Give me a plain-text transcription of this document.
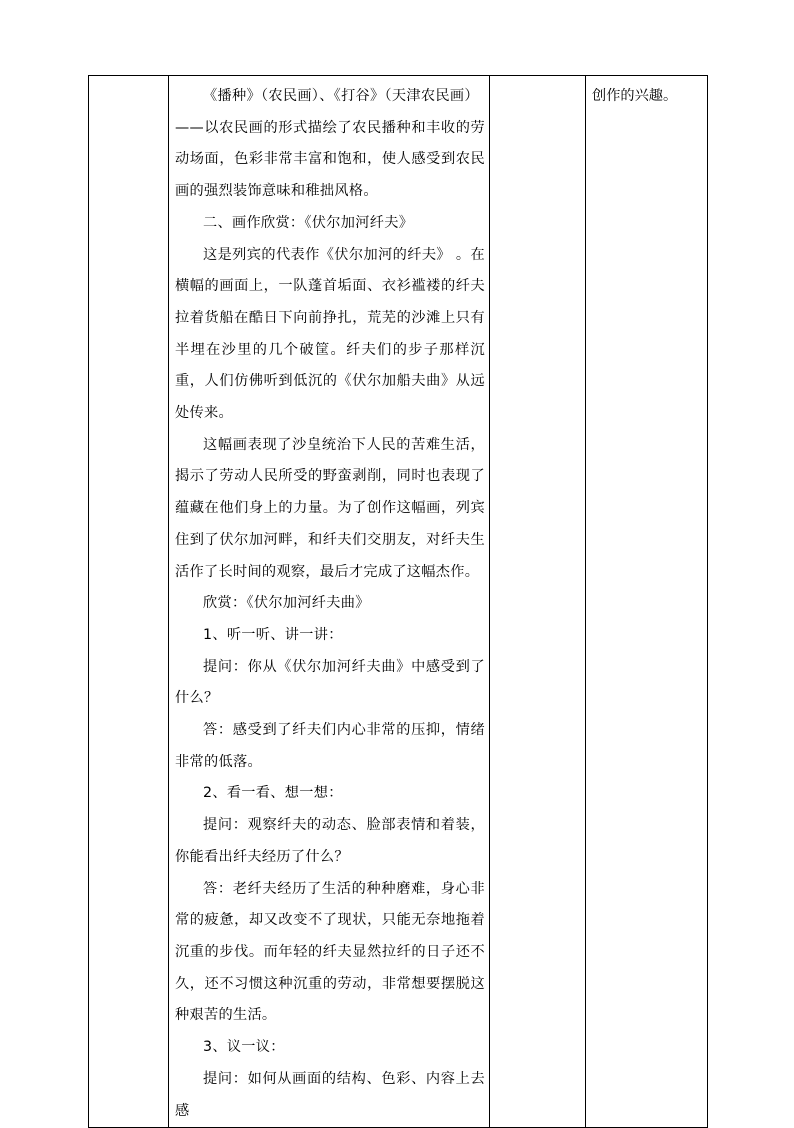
《播种》（农民画）、《打谷》（天津农民画）

——以农民画的形式描绘了农民播种和丰收的劳动场面，色彩非常丰富和饱和，使人感受到农民画的强烈装饰意味和稚拙风格。

二、画作欣赏：《伏尔加河纤夫》

这是列宾的代表作《伏尔加河的纤夫》 。在横幅的画面上，一队蓬首垢面、衣衫褴褛的纤夫拉着货船在酷日下向前挣扎，荒芜的沙滩上只有半埋在沙里的几个破筐。纤夫们的步子那样沉重，人们仿佛听到低沉的《伏尔加船夫曲》从远处传来。

这幅画表现了沙皇统治下人民的苦难生活，揭示了劳动人民所受的野蛮剥削，同时也表现了蕴藏在他们身上的力量。为了创作这幅画，列宾住到了伏尔加河畔，和纤夫们交朋友，对纤夫生活作了长时间的观察，最后才完成了这幅杰作。

欣赏：《伏尔加河纤夫曲》

1、听一听、讲一讲：

提问：你从《伏尔加河纤夫曲》中感受到了什么？

答：感受到了纤夫们内心非常的压抑，情绪非常的低落。

2、看一看、想一想：

提问：观察纤夫的动态、脸部表情和着装，你能看出纤夫经历了什么？

答：老纤夫经历了生活的种种磨难，身心非常的疲惫，却又改变不了现状，只能无奈地拖着沉重的步伐。而年轻的纤夫显然拉纤的日子还不久，还不习惯这种沉重的劳动，非常想要摆脱这种艰苦的生活。

3、议一议：

提问：如何从画面的结构、色彩、内容上去感

创作的兴趣。
